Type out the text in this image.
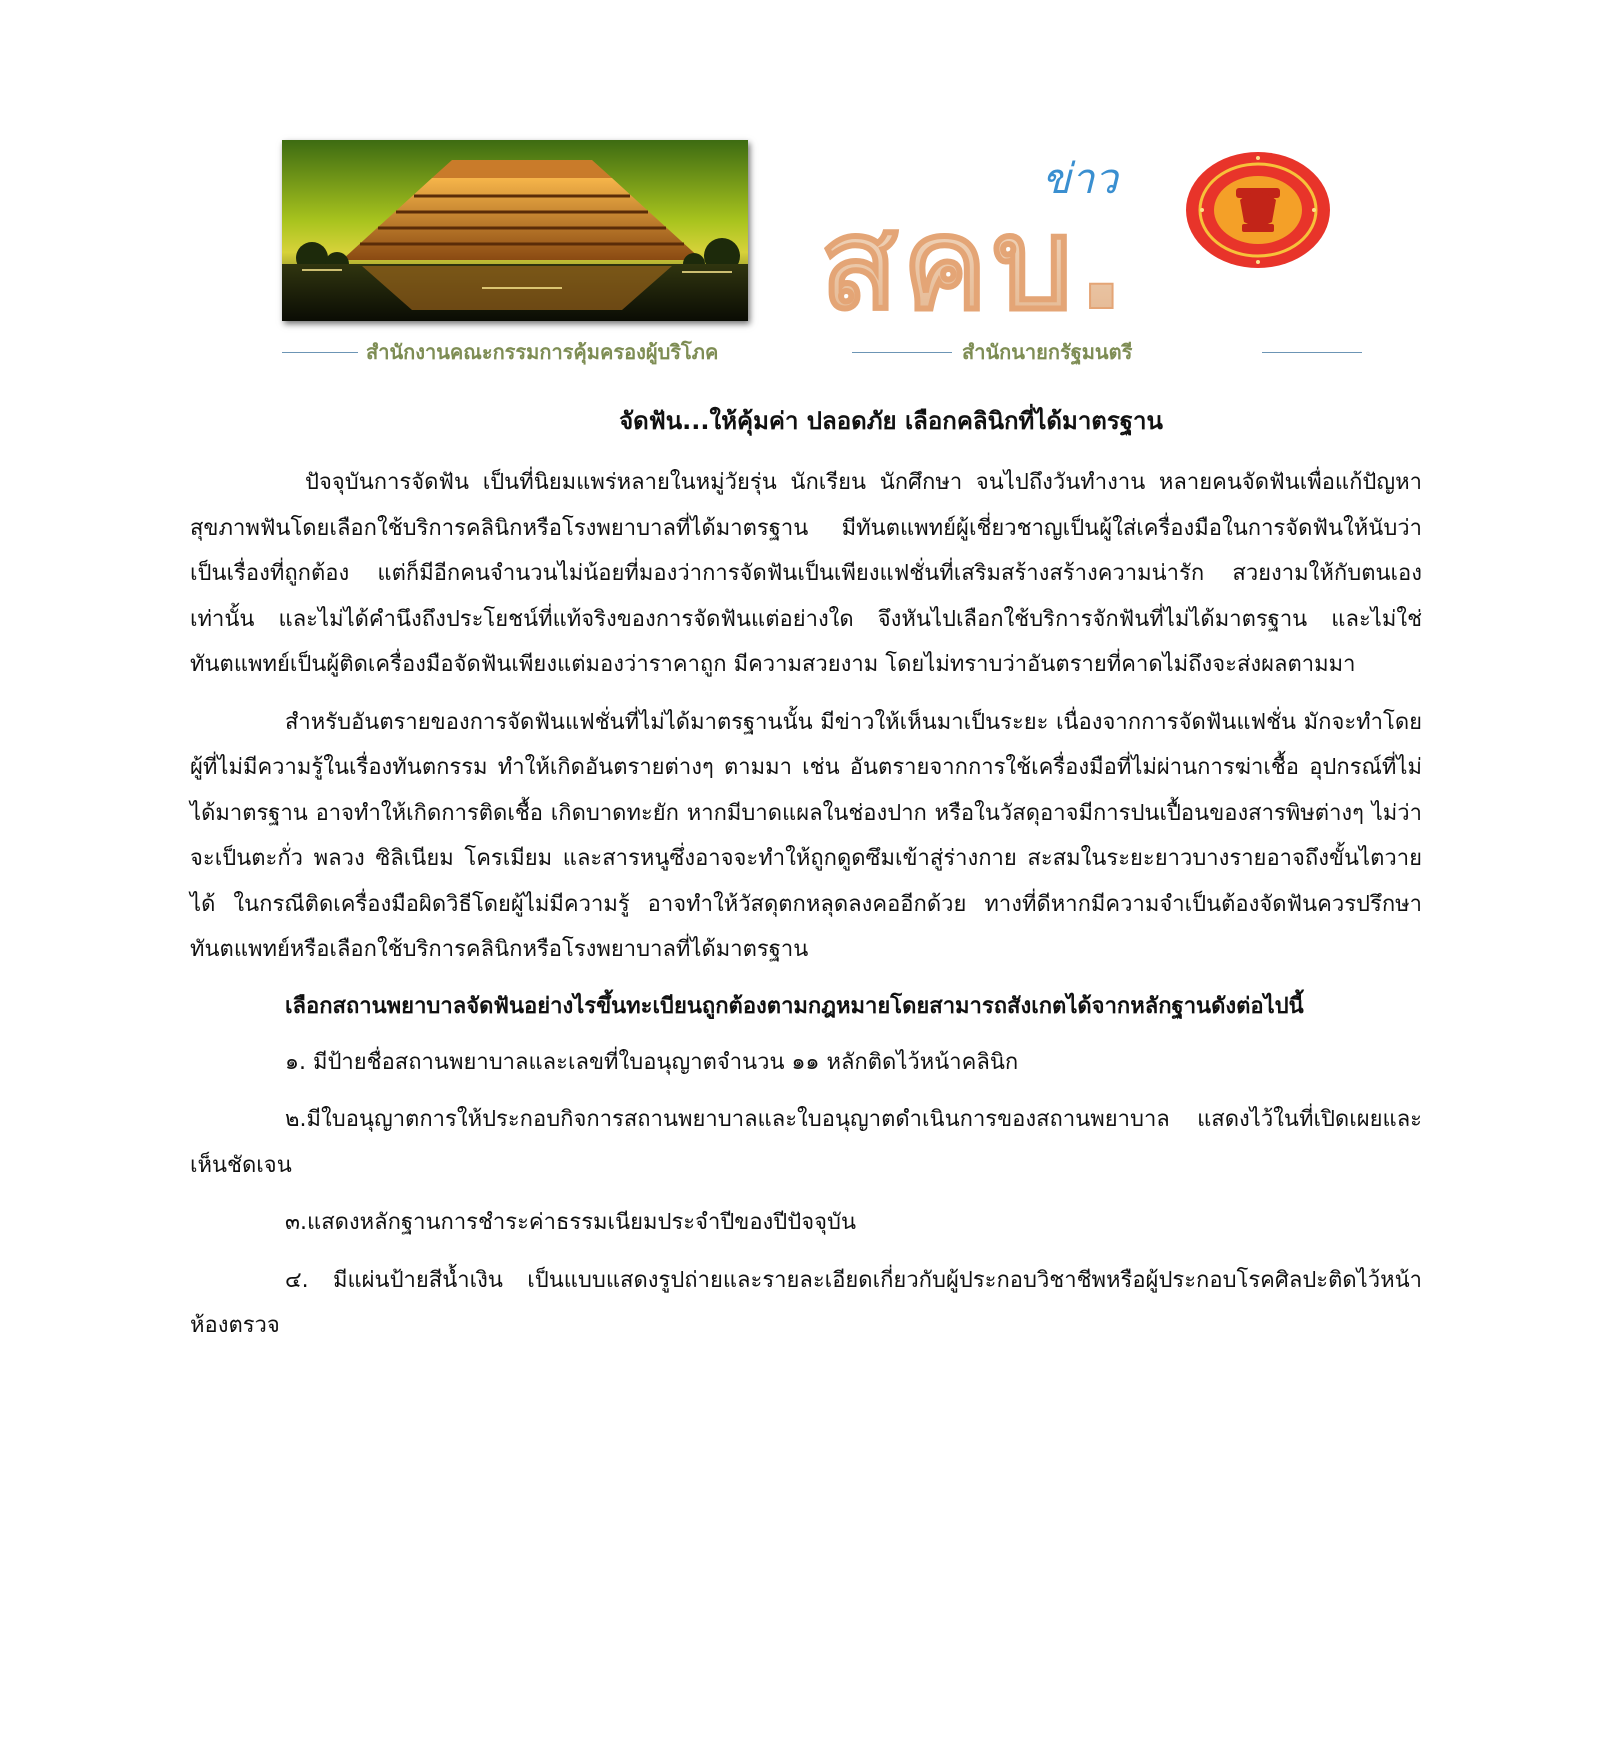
ข่าว
สคบ.
สำนักงานคณะกรรมการคุ้มครองผู้บริโภค	สำนักนายกรัฐมนตรี
จัดฟัน...ให้คุ้มค่า ปลอดภัย เลือกคลินิกที่ได้มาตรฐาน

ปัจจุบันการจัดฟัน เป็นที่นิยมแพร่หลายในหมู่วัยรุ่น นักเรียน นักศึกษา จนไปถึงวันทำงาน หลายคนจัดฟันเพื่อแก้ปัญหาสุขภาพฟันโดยเลือกใช้บริการคลินิกหรือโรงพยาบาลที่ได้มาตรฐาน มีทันตแพทย์ผู้เชี่ยวชาญเป็นผู้ใส่เครื่องมือในการจัดฟันให้นับว่าเป็นเรื่องที่ถูกต้อง แต่ก็มีอีกคนจำนวนไม่น้อยที่มองว่าการจัดฟันเป็นเพียงแฟชั่นที่เสริมสร้างสร้างความน่ารัก สวยงามให้กับตนเองเท่านั้น และไม่ได้คำนึงถึงประโยชน์ที่แท้จริงของการจัดฟันแต่อย่างใด จึงหันไปเลือกใช้บริการจักฟันที่ไม่ได้มาตรฐาน และไม่ใช่ทันตแพทย์เป็นผู้ติดเครื่องมือจัดฟันเพียงแต่มองว่าราคาถูก มีความสวยงาม โดยไม่ทราบว่าอันตรายที่คาดไม่ถึงจะส่งผลตามมา

สำหรับอันตรายของการจัดฟันแฟชั่นที่ไม่ได้มาตรฐานนั้น มีข่าวให้เห็นมาเป็นระยะ เนื่องจากการจัดฟันแฟชั่น มักจะทำโดยผู้ที่ไม่มีความรู้ในเรื่องทันตกรรม ทำให้เกิดอันตรายต่างๆ ตามมา เช่น อันตรายจากการใช้เครื่องมือที่ไม่ผ่านการฆ่าเชื้อ อุปกรณ์ที่ไม่ได้มาตรฐาน อาจทำให้เกิดการติดเชื้อ เกิดบาดทะยัก หากมีบาดแผลในช่องปาก หรือในวัสดุอาจมีการปนเปื้อนของสารพิษต่างๆ ไม่ว่าจะเป็นตะกั่ว พลวง ซิลิเนียม โครเมียม และสารหนูซึ่งอาจจะทำให้ถูกดูดซึมเข้าสู่ร่างกาย สะสมในระยะยาวบางรายอาจถึงขั้นไตวายได้ ในกรณีติดเครื่องมือผิดวิธีโดยผู้ไม่มีความรู้ อาจทำให้วัสดุตกหลุดลงคออีกด้วย ทางที่ดีหากมีความจำเป็นต้องจัดฟันควรปรึกษาทันตแพทย์หรือเลือกใช้บริการคลินิกหรือโรงพยาบาลที่ได้มาตรฐาน

เลือกสถานพยาบาลจัดฟันอย่างไรขึ้นทะเบียนถูกต้องตามกฎหมายโดยสามารถสังเกตได้จากหลักฐานดังต่อไปนี้

๑. มีป้ายชื่อสถานพยาบาลและเลขที่ใบอนุญาตจำนวน ๑๑ หลักติดไว้หน้าคลินิก

๒.มีใบอนุญาตการให้ประกอบกิจการสถานพยาบาลและใบอนุญาตดำเนินการของสถานพยาบาล แสดงไว้ในที่เปิดเผยและเห็นชัดเจน

๓.แสดงหลักฐานการชำระค่าธรรมเนียมประจำปีของปีปัจจุบัน

๔. มีแผ่นป้ายสีน้ำเงิน เป็นแบบแสดงรูปถ่ายและรายละเอียดเกี่ยวกับผู้ประกอบวิชาชีพหรือผู้ประกอบโรคศิลปะติดไว้หน้าห้องตรวจ
